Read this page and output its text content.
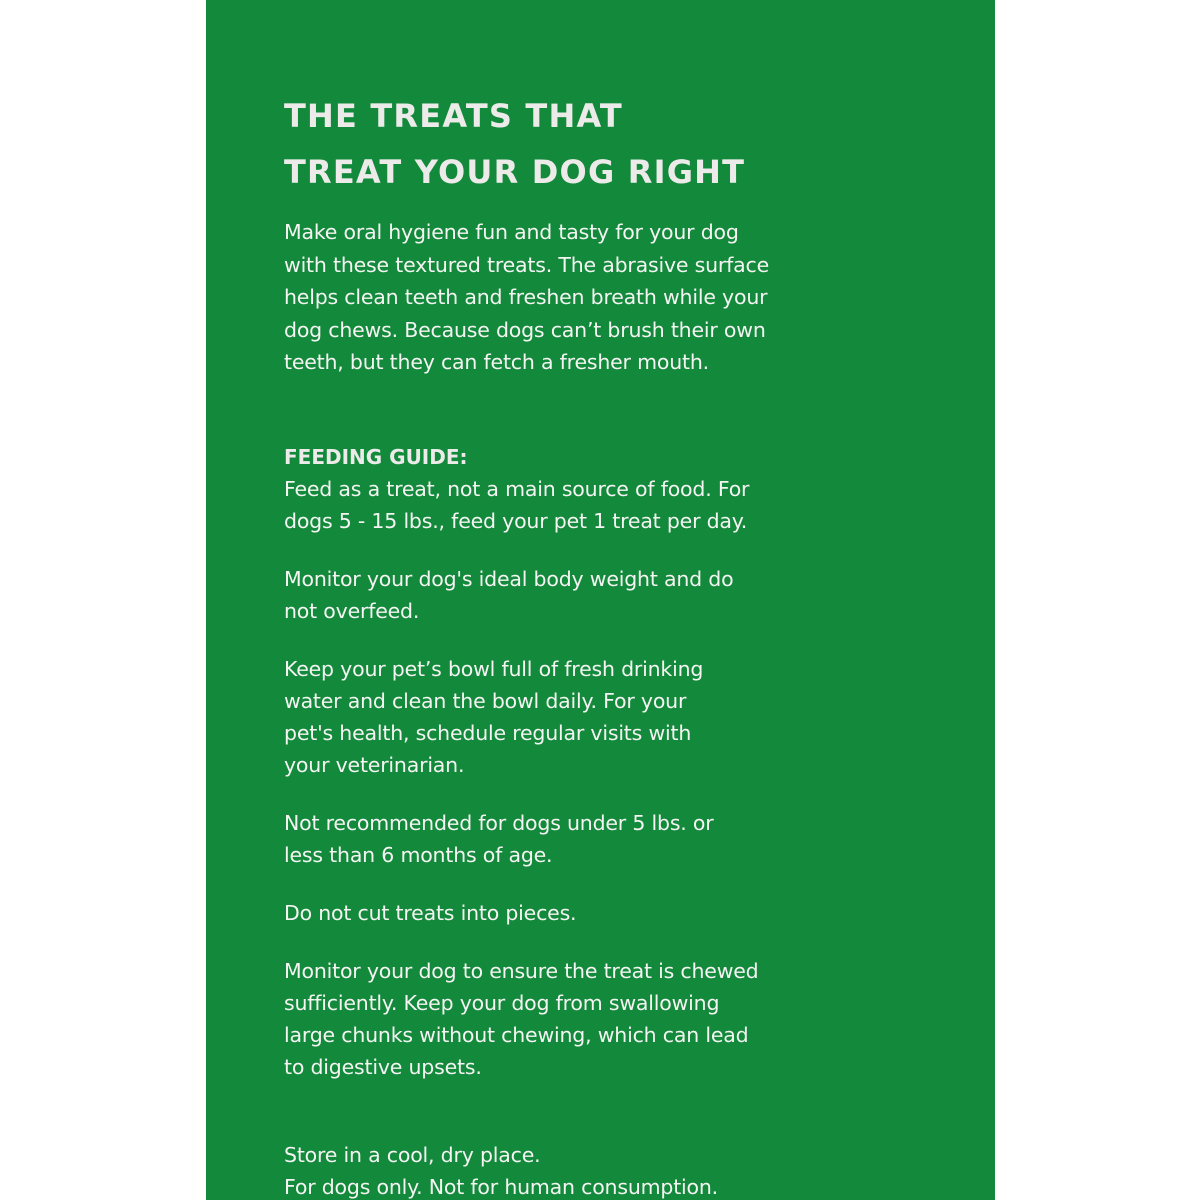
THE TREATS THAT
TREAT YOUR DOG RIGHT

Make oral hygiene fun and tasty for your dog
with these textured treats. The abrasive surface
helps clean teeth and freshen breath while your
dog chews. Because dogs can’t brush their own
teeth, but they can fetch a fresher mouth.

FEEDING GUIDE:

Feed as a treat, not a main source of food. For
dogs 5 - 15 lbs., feed your pet 1 treat per day.

Monitor your dog's ideal body weight and do
not overfeed.

Keep your pet’s bowl full of fresh drinking
water and clean the bowl daily. For your
pet's health, schedule regular visits with
your veterinarian.

Not recommended for dogs under 5 lbs. or
less than 6 months of age.

Do not cut treats into pieces.

Monitor your dog to ensure the treat is chewed
sufficiently. Keep your dog from swallowing
large chunks without chewing, which can lead
to digestive upsets.

Store in a cool, dry place.
For dogs only. Not for human consumption.
